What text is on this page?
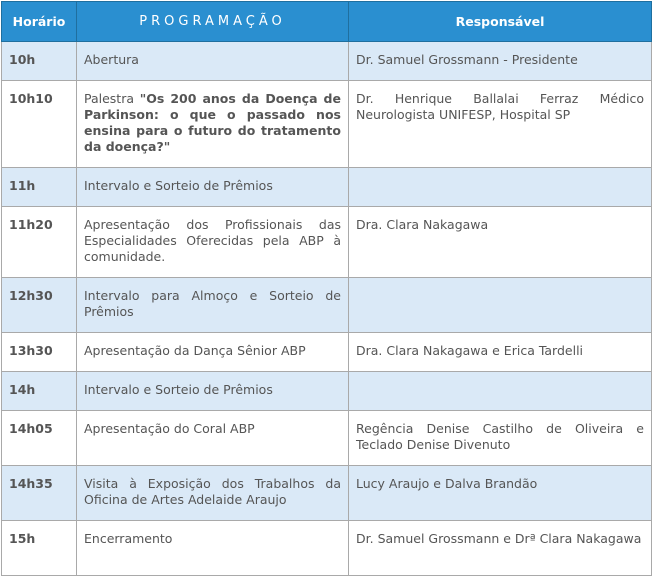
Horário	PROGRAMAÇÃO	Responsável
10h	Abertura	Dr. Samuel Grossmann - Presidente
10h10	Palestra "Os 200 anos da Doença de Parkinson: o que o passado nos ensina para o futuro do tratamento da doença?"	Dr. Henrique Ballalai Ferraz Médico Neurologista UNIFESP, Hospital SP
11h	Intervalo e Sorteio de Prêmios	
11h20	Apresentação dos Profissionais das Especialidades Oferecidas pela ABP à comunidade.	Dra. Clara Nakagawa
12h30	Intervalo para Almoço e Sorteio de Prêmios	
13h30	Apresentação da Dança Sênior ABP	Dra. Clara Nakagawa e Erica Tardelli
14h	Intervalo e Sorteio de Prêmios	
14h05	Apresentação do Coral ABP	Regência Denise Castilho de Oliveira e Teclado Denise Divenuto
14h35	Visita à Exposição dos Trabalhos da Oficina de Artes Adelaide Araujo	Lucy Araujo e Dalva Brandão
15h	Encerramento	Dr. Samuel Grossmann e Drª Clara Nakagawa
